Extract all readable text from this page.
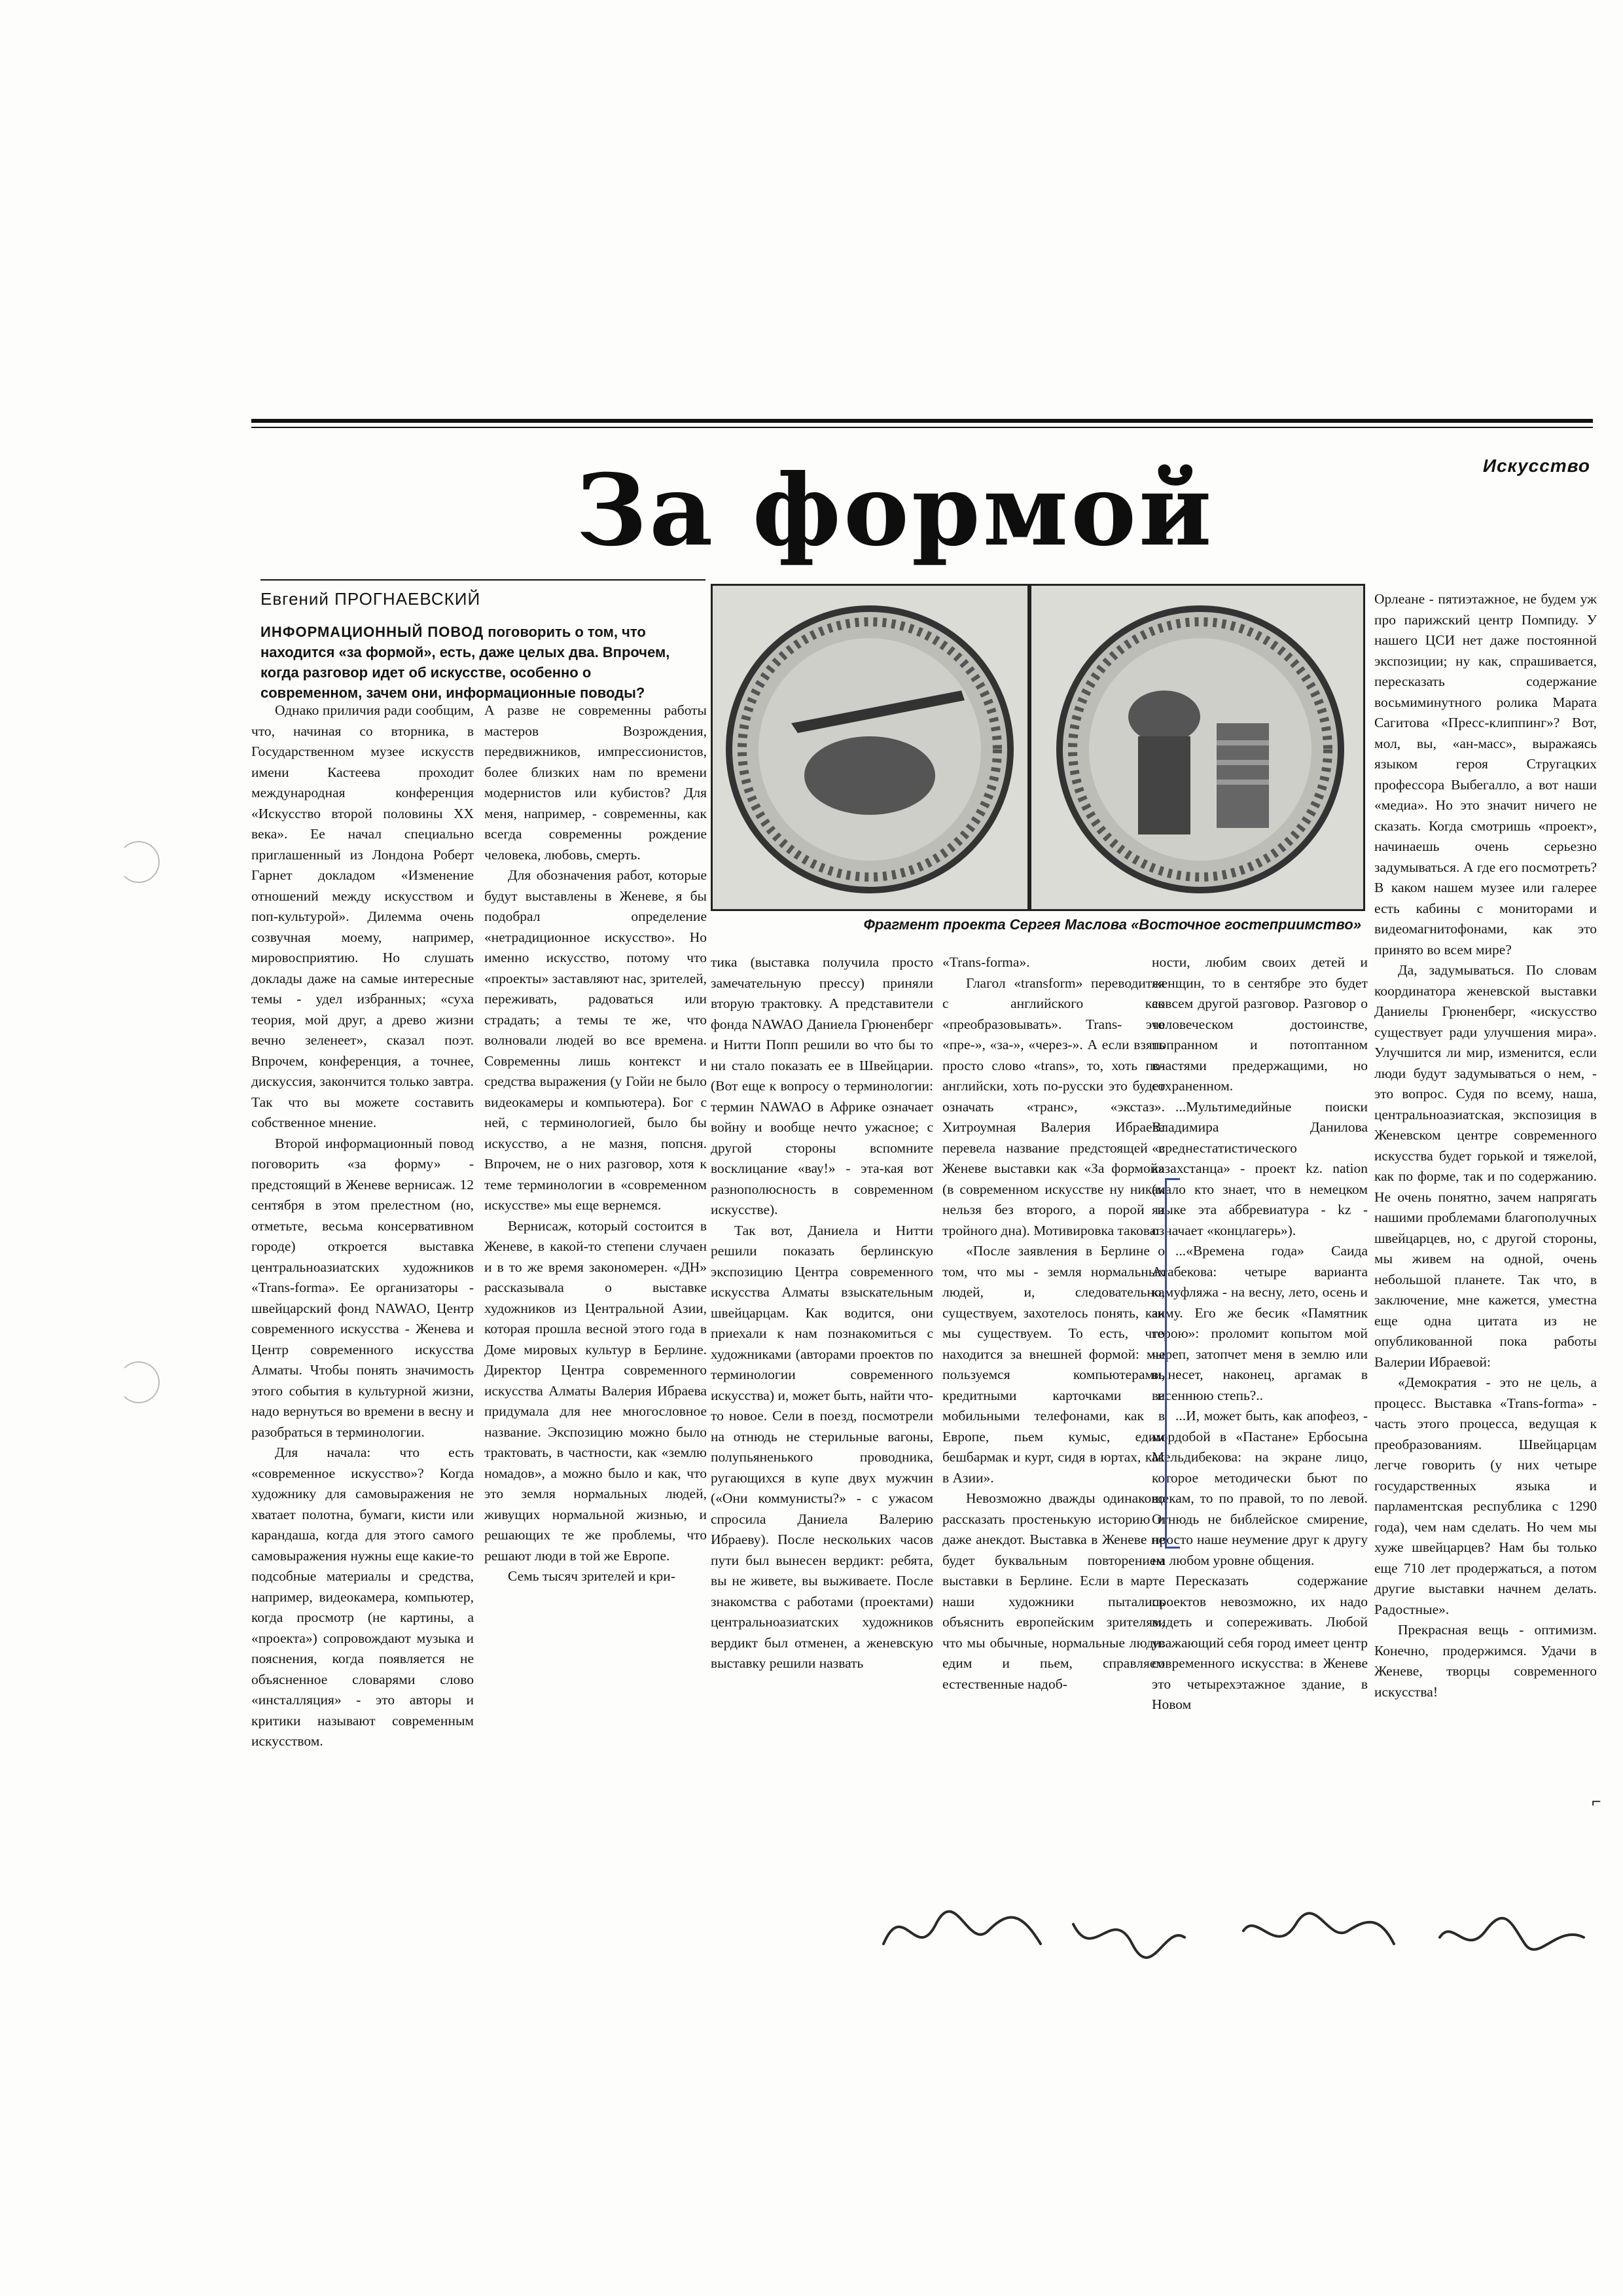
Искусство
За формой
Евгений ПРОГНАЕВСКИЙ
ИНФОРМАЦИОННЫЙ ПОВОД поговорить о том, что находится «за формой», есть, даже целых два. Впрочем, когда разговор идет об искусстве, особенно о современном, зачем они, информационные поводы?
Фрагмент проекта Сергея Маслова «Восточное гостеприимство»

Однако приличия ради сообщим, что, начиная со вторника, в Государственном музее искусств имени Кастеева проходит международная конференция «Искусство второй половины XX века». Ее начал специально приглашенный из Лондона Роберт Гарнет докладом «Изменение отношений между искусством и поп-культурой». Дилемма очень созвучная моему, например, мировосприятию. Но слушать доклады даже на самые интересные темы - удел избранных; «суха теория, мой друг, а древо жизни вечно зеленеет», сказал поэт. Впрочем, конференция, а точнее, дискуссия, закончится только завтра. Так что вы можете составить собственное мнение.

Второй информационный повод поговорить «за форму» - предстоящий в Женеве вернисаж. 12 сентября в этом прелестном (но, отметьте, весьма консервативном городе) откроется выставка центральноазиатских художников «Trans-forma». Ее организаторы - швейцарский фонд NAWAO, Центр современного искусства - Женева и Центр современного искусства Алматы. Чтобы понять значимость этого события в культурной жизни, надо вернуться во времени в весну и разобраться в терминологии.

Для начала: что есть «современное искусство»? Когда художнику для самовыражения не хватает полотна, бумаги, кисти или карандаша, когда для этого самого самовыражения нужны еще какие-то подсобные материалы и средства, например, видеокамера, компьютер, когда просмотр (не картины, а «проекта») сопровождают музыка и пояснения, когда появляется не объясненное словарями слово «инсталляция» - это авторы и критики называют современным искусством.

А разве не современны работы мастеров Возрождения, передвижников, импрессионистов, более близких нам по времени модернистов или кубистов? Для меня, например, - современны, как всегда современны рождение человека, любовь, смерть.

Для обозначения работ, которые будут выставлены в Женеве, я бы подобрал определение «нетрадиционное искусство». Но именно искусство, потому что «проекты» заставляют нас, зрителей, переживать, радоваться или страдать; а темы те же, что волновали людей во все времена. Современны лишь контекст и средства выражения (у Гойи не было видеокамеры и компьютера). Бог с ней, с терминологией, было бы искусство, а не мазня, попсня. Впрочем, не о них разговор, хотя к теме терминологии в «современном искусстве» мы еще вернемся.

Вернисаж, который состоится в Женеве, в какой-то степени случаен и в то же время закономерен. «ДН» рассказывала о выставке художников из Центральной Азии, которая прошла весной этого года в Доме мировых культур в Берлине. Директор Центра современного искусства Алматы Валерия Ибраева придумала для нее многословное название. Экспозицию можно было трактовать, в частности, как «землю номадов», а можно было и как, что это земля нормальных людей, живущих нормальной жизнью, и решающих те же проблемы, что решают люди в той же Европе.

Семь тысяч зрителей и кри-

тика (выставка получила просто замечательную прессу) приняли вторую трактовку. А представители фонда NAWAO Даниела Грюненберг и Нитти Попп решили во что бы то ни стало показать ее в Швейцарии. (Вот еще к вопросу о терминологии: термин NAWAO в Африке означает войну и вообще нечто ужасное; с другой стороны вспомните восклицание «вау!» - эта-кая вот разнополюсность в современном искусстве).

Так вот, Даниела и Нитти решили показать берлинскую экспозицию Центра современного искусства Алматы взыскательным швейцарцам. Как водится, они приехали к нам познакомиться с художниками (авторами проектов по терминологии современного искусства) и, может быть, найти что-то новое. Сели в поезд, посмотрели на отнюдь не стерильные вагоны, полупьяненького проводника, ругающихся в купе двух мужчин («Они коммунисты?» - с ужасом спросила Даниела Валерию Ибраеву). После нескольких часов пути был вынесен вердикт: ребята, вы не живете, вы выживаете. После знакомства с работами (проектами) центральноазиатских художников вердикт был отменен, а женевскую выставку решили назвать

«Trans-forma».

Глагол «transform» переводится с английского как «преобразовывать». Trans- это «пре-», «за-», «через-». А если взять просто слово «trans», то, хоть по-английски, хоть по-русски это будет означать «транс», «экстаз». Хитроумная Валерия Ибраева перевела название предстоящей в Женеве выставки как «За формой» (в современном искусстве ну никак нельзя без второго, а порой и тройного дна). Мотивировка такова:

«После заявления в Берлине о том, что мы - земля нормальных людей, и, следовательно, существуем, захотелось понять, как мы существуем. То есть, что находится за внешней формой: мы пользуемся компьютерами, кредитными карточками и мобильными телефонами, как в Европе, пьем кумыс, едим бешбармак и курт, сидя в юртах, как в Азии».

Невозможно дважды одинаково рассказать простенькую историю и даже анекдот. Выставка в Женеве не будет буквальным повторением выставки в Берлине. Если в марте наши художники пытались объяснить европейским зрителям, что мы обычные, нормальные люди: едим и пьем, справляем естественные надоб-

ности, любим своих детей и женщин, то в сентябре это будет совсем другой разговор. Разговор о человеческом достоинстве, попранном и потоптанном властями предержащими, но сохраненном.

...Мультимедийные поиски Владимира Данилова «среднестатистического казахстанца» - проект kz. nation (мало кто знает, что в немецком языке эта аббревиатура - kz - означает «концлагерь»).

...«Времена года» Саида Атабекова: четыре варианта камуфляжа - на весну, лето, осень и зиму. Его же бесик «Памятник герою»: проломит копытом мой череп, затопчет меня в землю или вынесет, наконец, аргамак в весеннюю степь?..

...И, может быть, как апофеоз, - мордобой в «Пастане» Ербосына Мельдибекова: на экране лицо, которое методически бьют по щекам, то по правой, то по левой. Отнюдь не библейское смирение, просто наше неумение друг к другу на любом уровне общения.

Пересказать содержание проектов невозможно, их надо видеть и сопереживать. Любой уважающий себя город имеет центр современного искусства: в Женеве это четырехэтажное здание, в Новом

Орлеане - пятиэтажное, не будем уж про парижский центр Помпиду. У нашего ЦСИ нет даже постоянной экспозиции; ну как, спрашивается, пересказать содержание восьмиминутного ролика Марата Сагитова «Пресс-клиппинг»? Вот, мол, вы, «ан-масс», выражаясь языком героя Стругацких профессора Выбегалло, а вот наши «медиа». Но это значит ничего не сказать. Когда смотришь «проект», начинаешь очень серьезно задумываться. А где его посмотреть? В каком нашем музее или галерее есть кабины с мониторами и видеомагнитофонами, как это принято во всем мире?

Да, задумываться. По словам координатора женевской выставки Даниелы Грюненберг, «искусство существует ради улучшения мира». Улучшится ли мир, изменится, если люди будут задумываться о нем, - это вопрос. Судя по всему, наша, центральноазиатская, экспозиция в Женевском центре современного искусства будет горькой и тяжелой, как по форме, так и по содержанию. Не очень понятно, зачем напрягать нашими проблемами благополучных швейцарцев, но, с другой стороны, мы живем на одной, очень небольшой планете. Так что, в заключение, мне кажется, уместна еще одна цитата из не опубликованной пока работы Валерии Ибраевой:

«Демократия - это не цель, а процесс. Выставка «Trans-forma» - часть этого процесса, ведущая к преобразованиям. Швейцарцам легче говорить (у них четыре государственных языка и парламентская республика с 1290 года), чем нам сделать. Но чем мы хуже швейцарцев? Нам бы только еще 710 лет продержаться, а потом другие выставки начнем делать. Радостные».

Прекрасная вещь - оптимизм. Конечно, продержимся. Удачи в Женеве, творцы современного искусства!

⌐
